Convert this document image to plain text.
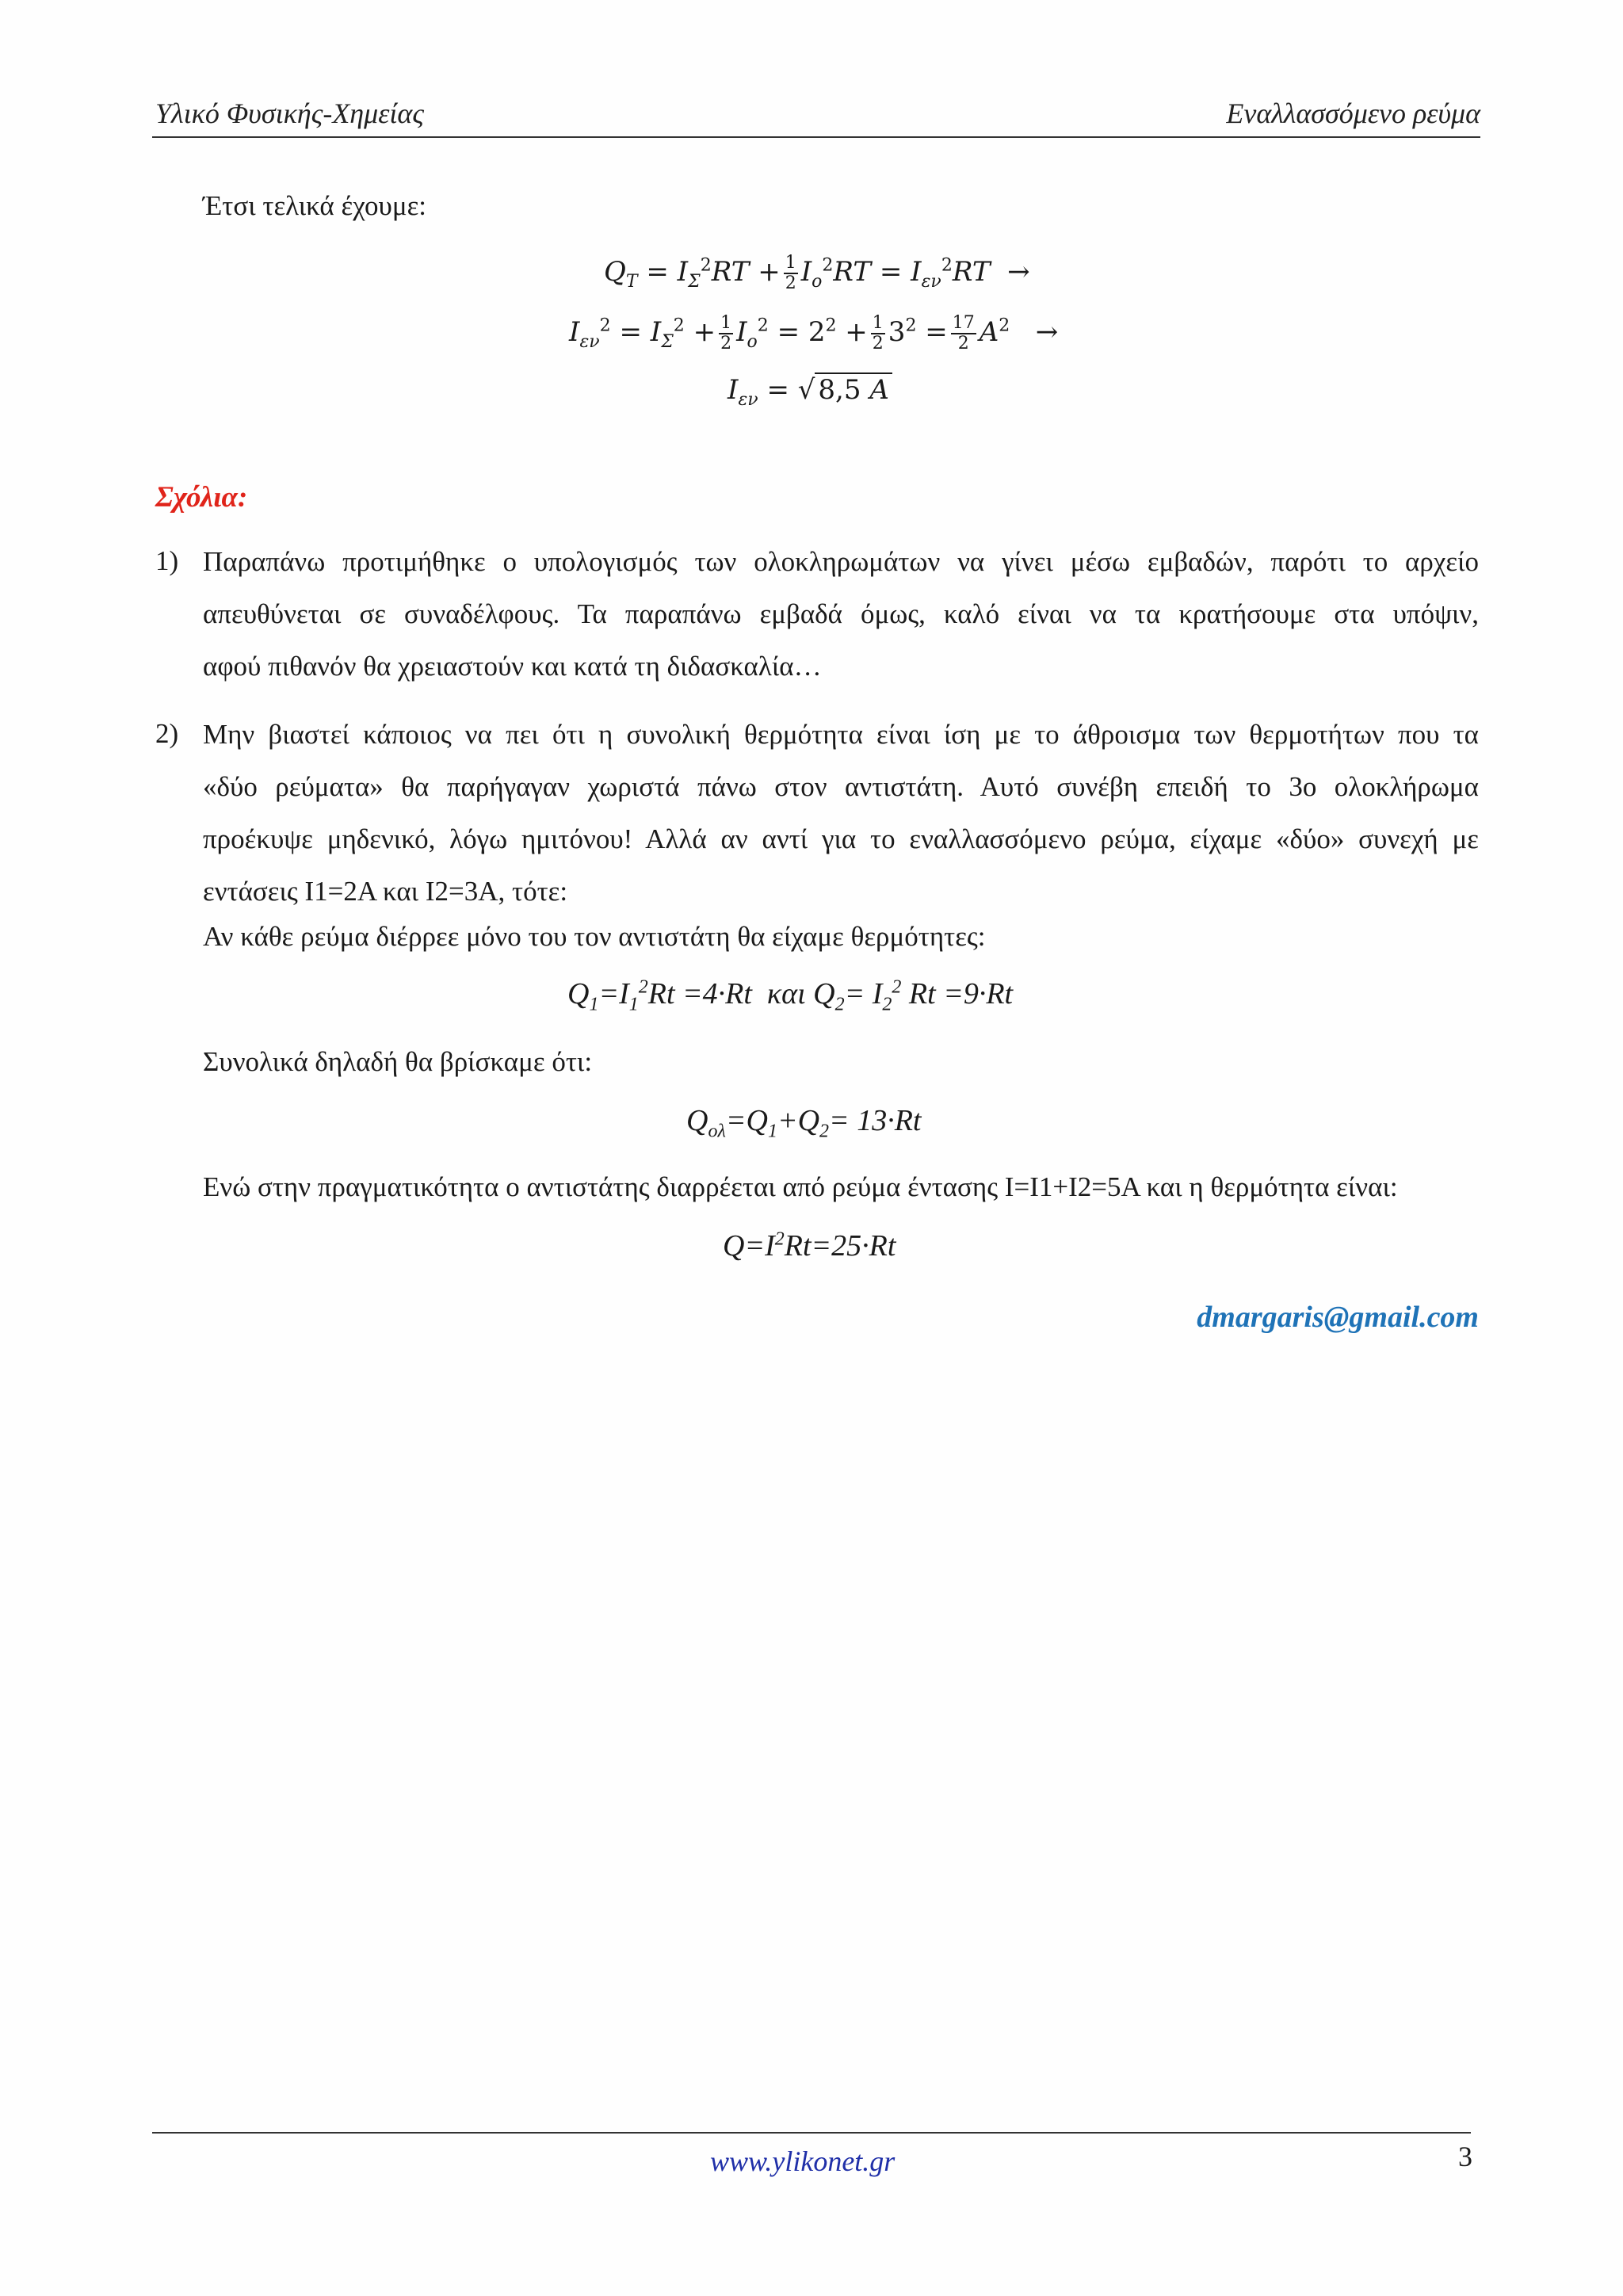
Υλικό Φυσικής-Χημείας	Εναλλασσόμενο ρεύμα
Έτσι τελικά έχουμε:
$Q_T = I_\Sigma^2RT + \frac{1}{2} I_o^2RT = I_{\varepsilon\nu}^2RT$  →
$I_{\varepsilon\nu}^2 = I_\Sigma^2 + \frac{1}{2} I_o^2 = 2^2 + \frac{1}{2} 3^2 = \frac{17}{2} A^2$   →
$I_{\varepsilon\nu}$ = √ 8,5 A
Σχόλια:
1) Παραπάνω προτιμήθηκε ο υπολογισμός των ολοκληρωμάτων να γίνει μέσω εμβαδών, παρότι το αρχείο
απευθύνεται σε συναδέλφους. Τα παραπάνω εμβαδά όμως, καλό είναι να τα κρατήσουμε στα υπόψιν,
αφού πιθανόν θα χρειαστούν και κατά τη διδασκαλία…
2) Μην βιαστεί κάποιος να πει ότι η συνολική θερμότητα είναι ίση με το άθροισμα των θερμοτήτων που τα
«δύο ρεύματα» θα παρήγαγαν χωριστά πάνω στον αντιστάτη. Αυτό συνέβη επειδή το 3ο ολοκλήρωμα
προέκυψε μηδενικό, λόγω ημιτόνου! Αλλά αν αντί για το εναλλασσόμενο ρεύμα, είχαμε «δύο» συνεχή με
εντάσεις I1=2A και I2=3A, τότε:
Αν κάθε ρεύμα διέρρεε μόνο του τον αντιστάτη θα είχαμε θερμότητες:
$Q_1=I_1^2Rt =4\cdot Rt$  και $Q_2= I_2^2$ Rt =9·Rt
Συνολικά δηλαδή θα βρίσκαμε ότι:
$Q_{o\lambda}=Q_1+Q_2= 13\cdot Rt$
Ενώ στην πραγματικότητα ο αντιστάτης διαρρέεται από ρεύμα έντασης I=I1+I2=5A και η θερμότητα είναι:
$Q=I^2Rt=25\cdot Rt$
dmargaris@gmail.com
www.ylikonet.gr	3
